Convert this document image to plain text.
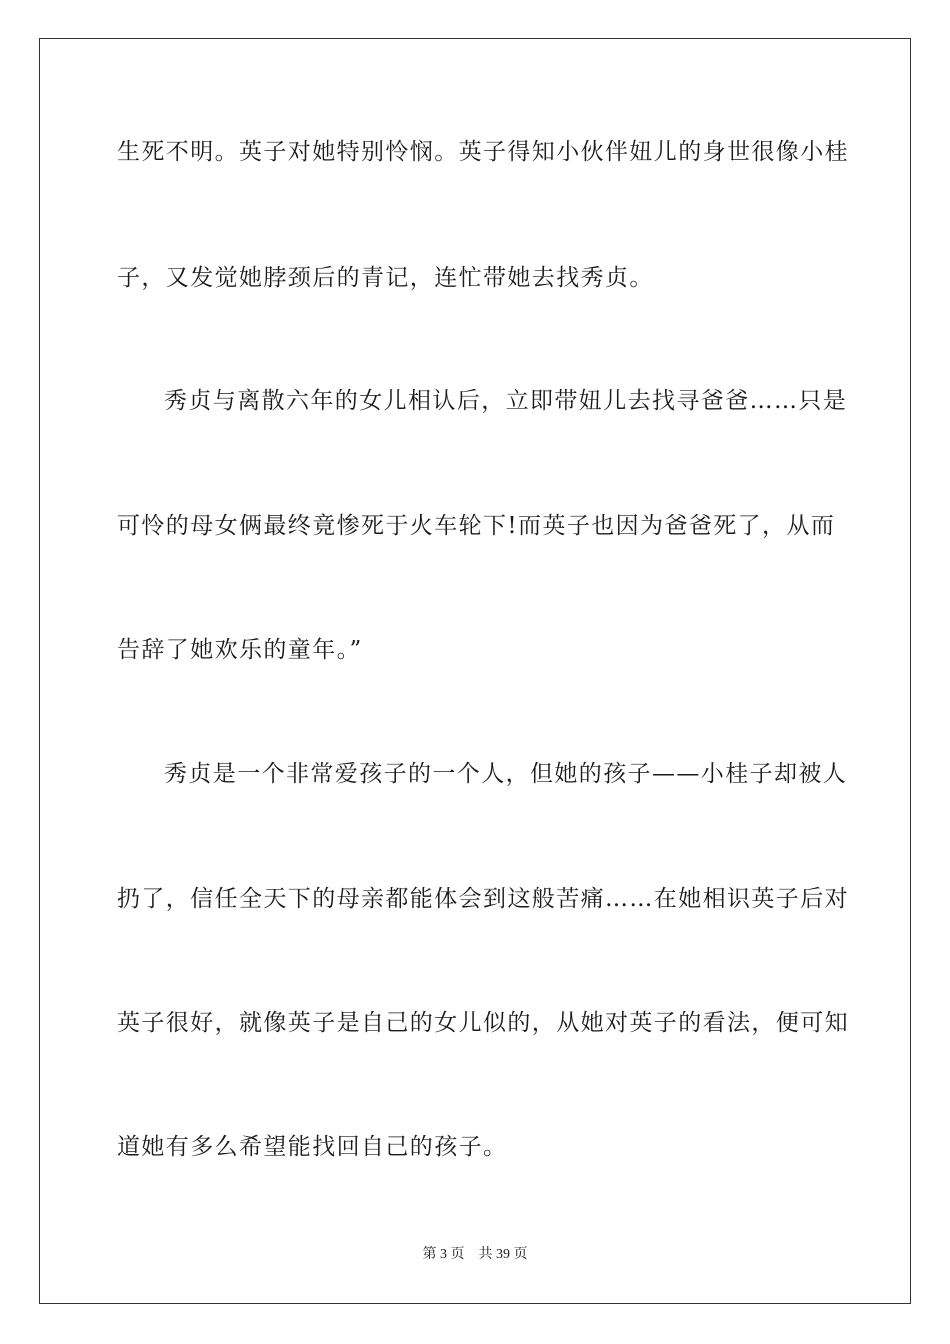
生死不明。英子对她特别怜悯。英子得知小伙伴妞儿的身世很像小桂
子，又发觉她脖颈后的青记，连忙带她去找秀贞。
秀贞与离散六年的女儿相认后，立即带妞儿去找寻爸爸……只是
可怜的母女俩最终竟惨死于火车轮下!而英子也因为爸爸死了，从而
告辞了她欢乐的童年。”
秀贞是一个非常爱孩子的一个人，但她的孩子——小桂子却被人
扔了，信任全天下的母亲都能体会到这般苦痛……在她相识英子后对
英子很好，就像英子是自己的女儿似的，从她对英子的看法，便可知
道她有多么希望能找回自己的孩子。
第 3 页 共 39 页
